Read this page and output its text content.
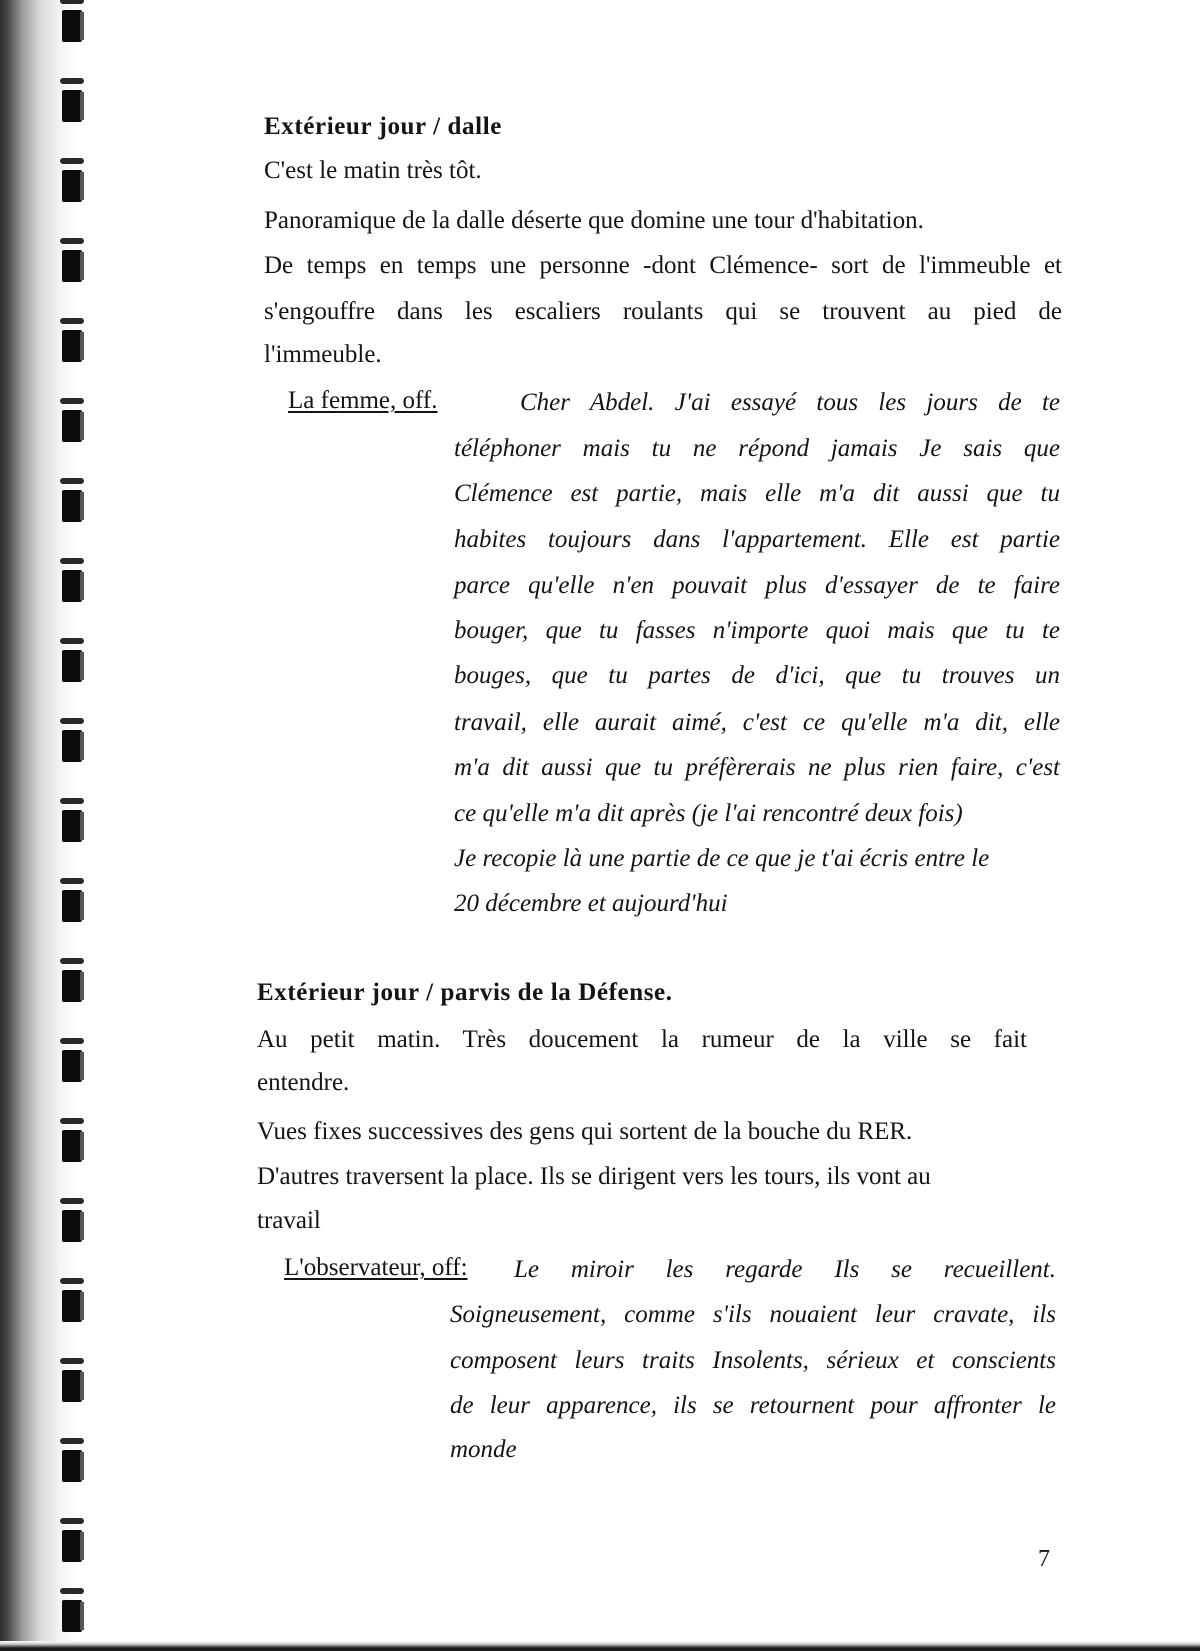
Extérieur jour / dalle
C'est le matin très tôt.
Panoramique de la dalle déserte que domine une tour d'habitation.
De temps en temps une personne -dont Clémence- sort de l'immeuble et
s'engouffre dans les escaliers roulants qui se trouvent au pied de
l'immeuble.
La femme, off.	Cher Abdel. J'ai essayé tous les jours de te
téléphoner mais tu ne répond jamais Je sais que
Clémence est partie, mais elle m'a dit aussi que tu
habites toujours dans l'appartement. Elle est partie
parce qu'elle n'en pouvait plus d'essayer de te faire
bouger, que tu fasses n'importe quoi mais que tu te
bouges, que tu partes de d'ici, que tu trouves un
travail, elle aurait aimé, c'est ce qu'elle m'a dit, elle
m'a dit aussi que tu préfèrerais ne plus rien faire, c'est
ce qu'elle m'a dit après (je l'ai rencontré deux fois)
Je recopie là une partie de ce que je t'ai écris entre le
20 décembre et aujourd'hui
Extérieur jour / parvis de la Défense.
Au petit matin. Très doucement la rumeur de la ville se fait
entendre.
Vues fixes successives des gens qui sortent de la bouche du RER.
D'autres traversent la place. Ils se dirigent vers les tours, ils vont au
travail
L'observateur, off: Le miroir les regarde Ils se recueillent.
Soigneusement, comme s'ils nouaient leur cravate, ils
composent leurs traits Insolents, sérieux et conscients
de leur apparence, ils se retournent pour affronter le
monde
7
